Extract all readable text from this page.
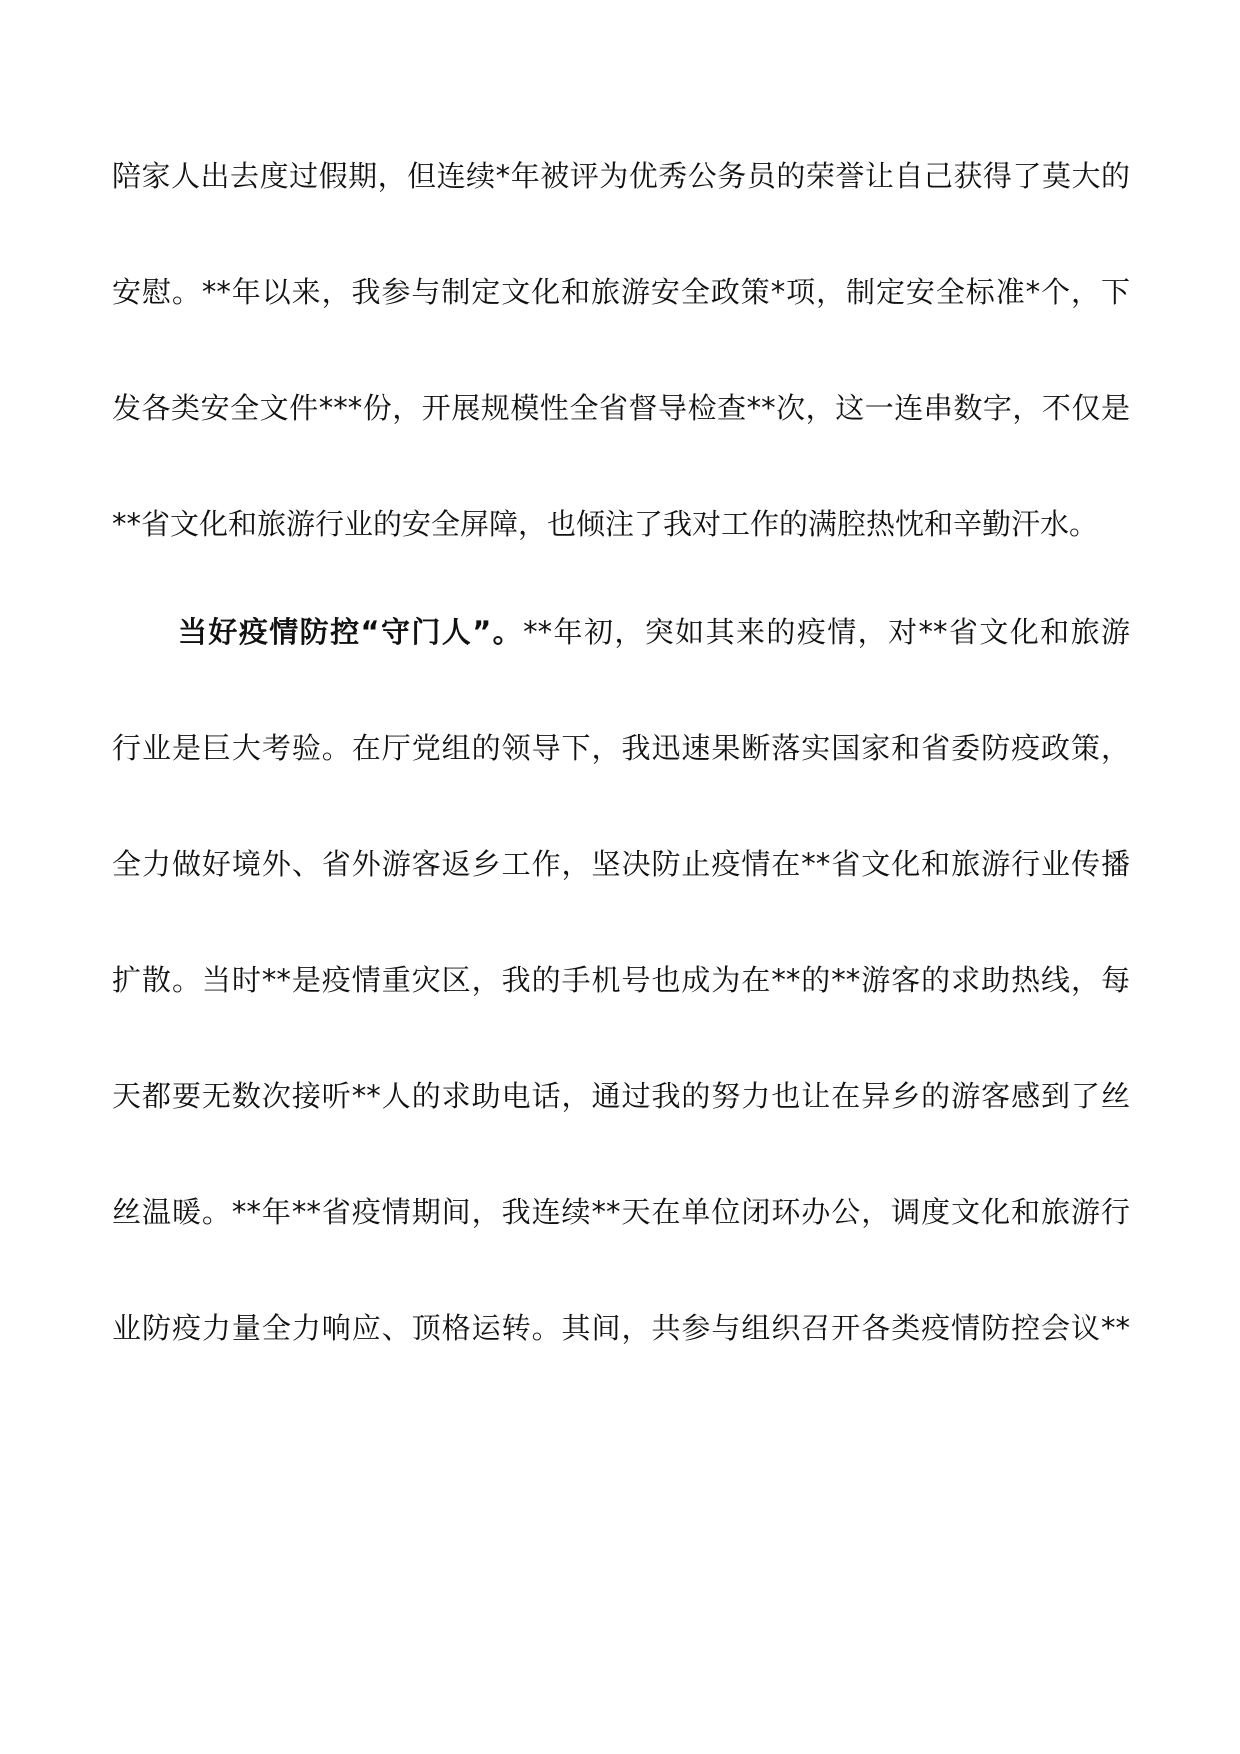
陪家人出去度过假期，但连续*年被评为优秀公务员的荣誉让自己获得了莫大的
安慰。**年以来，我参与制定文化和旅游安全政策*项，制定安全标准*个，下
发各类安全文件***份，开展规模性全省督导检查**次，这一连串数字，不仅是
**省文化和旅游行业的安全屏障，也倾注了我对工作的满腔热忱和辛勤汗水。
当好疫情防控“守门人”。**年初，突如其来的疫情，对**省文化和旅游
行业是巨大考验。在厅党组的领导下，我迅速果断落实国家和省委防疫政策，
全力做好境外、省外游客返乡工作，坚决防止疫情在**省文化和旅游行业传播
扩散。当时**是疫情重灾区，我的手机号也成为在**的**游客的求助热线，每
天都要无数次接听**人的求助电话，通过我的努力也让在异乡的游客感到了丝
丝温暖。**年**省疫情期间，我连续**天在单位闭环办公，调度文化和旅游行
业防疫力量全力响应、顶格运转。其间，共参与组织召开各类疫情防控会议**
